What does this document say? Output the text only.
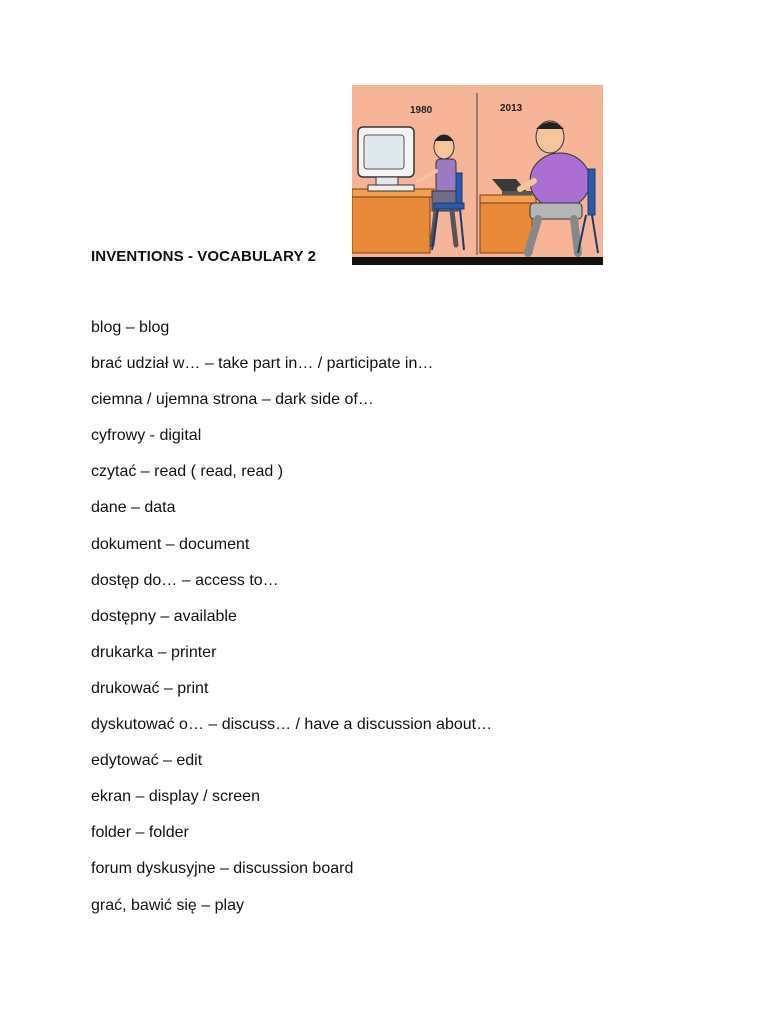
1980	2013
INVENTIONS - VOCABULARY 2
blog – blog
brać udział w… – take part in… / participate in…
ciemna / ujemna strona – dark side of…
cyfrowy - digital
czytać – read ( read, read )
dane – data
dokument – document
dostęp do… – access to…
dostępny – available
drukarka – printer
drukować – print
dyskutować o… – discuss… / have a discussion about…
edytować – edit
ekran – display / screen
folder – folder
forum dyskusyjne – discussion board
grać, bawić się – play
